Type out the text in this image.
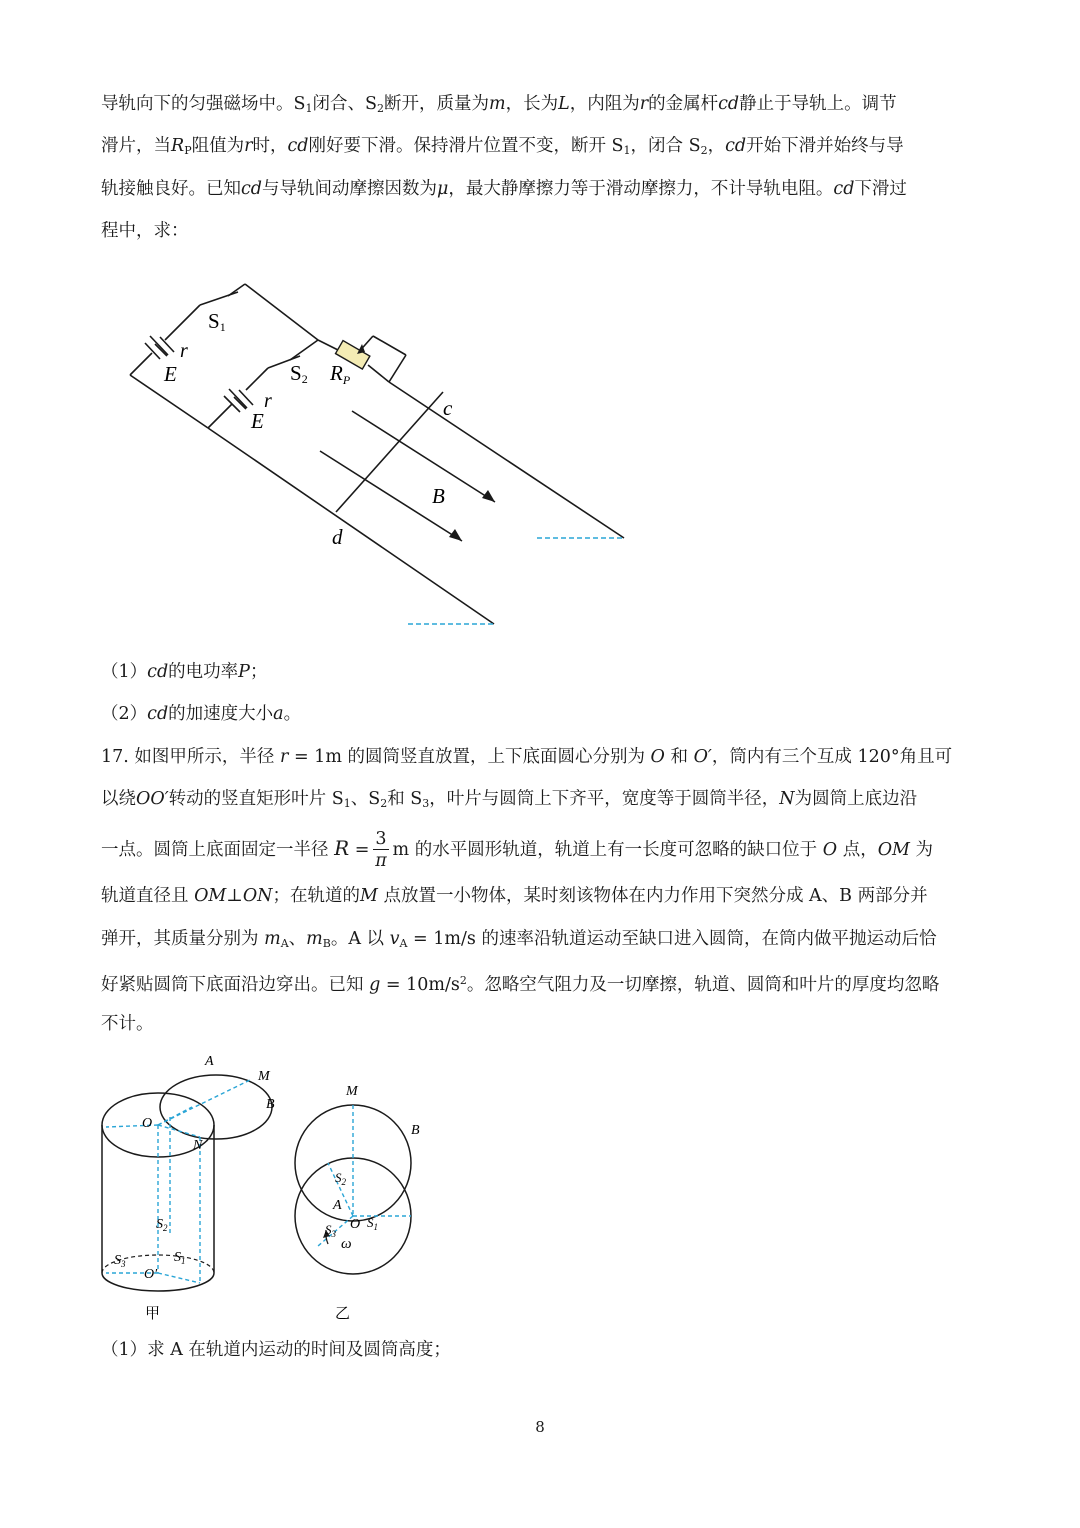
导轨向下的匀强磁场中。$S_1$闭合、$S_2$断开，质量为m，长为L，内阻为r的金属杆cd静止于导轨上。调节
滑片，当$R_P$阻值为r时，cd刚好要下滑。保持滑片位置不变，断开 $S_1$，闭合 $S_2$，cd开始下滑并始终与导
轨接触良好。已知cd与导轨间动摩擦因数为μ，最大静摩擦力等于滑动摩擦力，不计导轨电阻。cd下滑过
程中，求：
S1
r
E	S2 RP
r
E
c
B
d
（1）cd的电功率P；
（2）cd的加速度大小a。
17. 如图甲所示，半径 r = 1m 的圆筒竖直放置，上下底面圆心分别为 O 和 O′，筒内有三个互成 120°角且可
以绕OO′转动的竖直矩形叶片 $S_1$、$S_2$和 $S_3$，叶片与圆筒上下齐平，宽度等于圆筒半径，N为圆筒上底边沿
一点。圆筒上底面固定一半径 $R = \frac{3}{\pi}$ m 的水平圆形轨道，轨道上有一长度可忽略的缺口位于 O 点，OM 为
轨道直径且 OM⊥ON；在轨道的M 点放置一小物体，某时刻该物体在内力作用下突然分成 A、B 两部分并
弹开，其质量分别为 $m_A$、$m_B$。A 以 $v_A = 1m/s$ 的速率沿轨道运动至缺口进入圆筒，在筒内做平抛运动后恰
好紧贴圆筒下底面沿边穿出。已知 $g = 10m/s^2$。忽略空气阻力及一切摩擦，轨道、圆筒和叶片的厚度均忽略
不计。
A
M
B
O
N
$S_2$
$S_3$	$S_1$
O′
甲
M
B
$S_2$
A
O $S_1$
$S_3$
ω
乙
（1）求 A 在轨道内运动的时间及圆筒高度；
8
